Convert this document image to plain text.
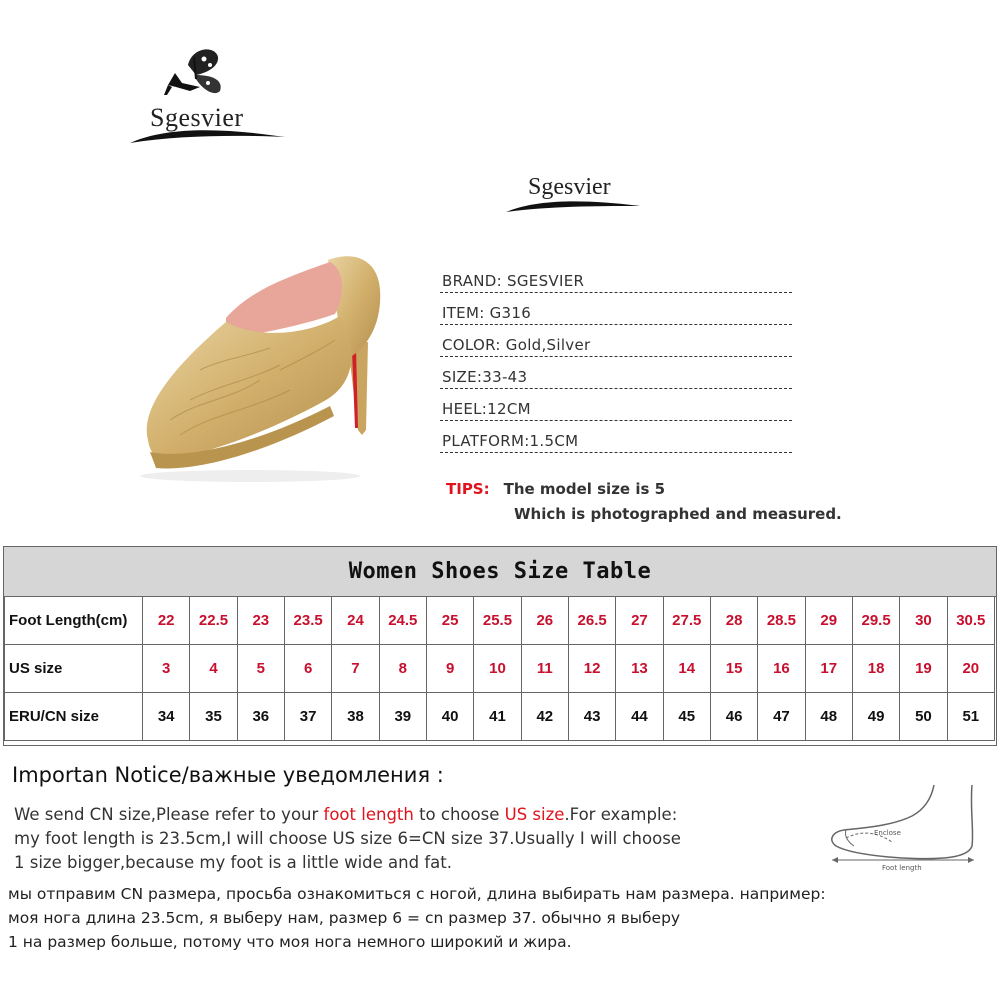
Sgesvier
Sgesvier
BRAND: SGESVIER
ITEM: G316
COLOR: Gold,Silver
SIZE:33-43
HEEL:12CM
PLATFORM:1.5CM
TIPS: The model size is 5
Which is photographed and measured.
Women Shoes Size Table
Foot Length(cm)	22	22.5	23	23.5	24	24.5	25	25.5	26	26.5	27	27.5	28	28.5	29	29.5	30	30.5
US size	3	4	5	6	7	8	9	10	11	12	13	14	15	16	17	18	19	20
ERU/CN size	34	35	36	37	38	39	40	41	42	43	44	45	46	47	48	49	50	51
Importan Notice/важные уведомления :
We send CN size,Please refer to your foot length to choose US size.For example:
my foot length is 23.5cm,I will choose US size 6=CN size 37.Usually I will choose
1 size bigger,because my foot is a little wide and fat.
мы отправим CN размера, просьба ознакомиться с ногой, длина выбирать нам размера. например:
моя нога длина 23.5cm, я выберу нам, размер 6 = cn размер 37. обычно я выберу
1 на размер больше, потому что моя нога немного широкий и жира.
Enclose
Foot length
